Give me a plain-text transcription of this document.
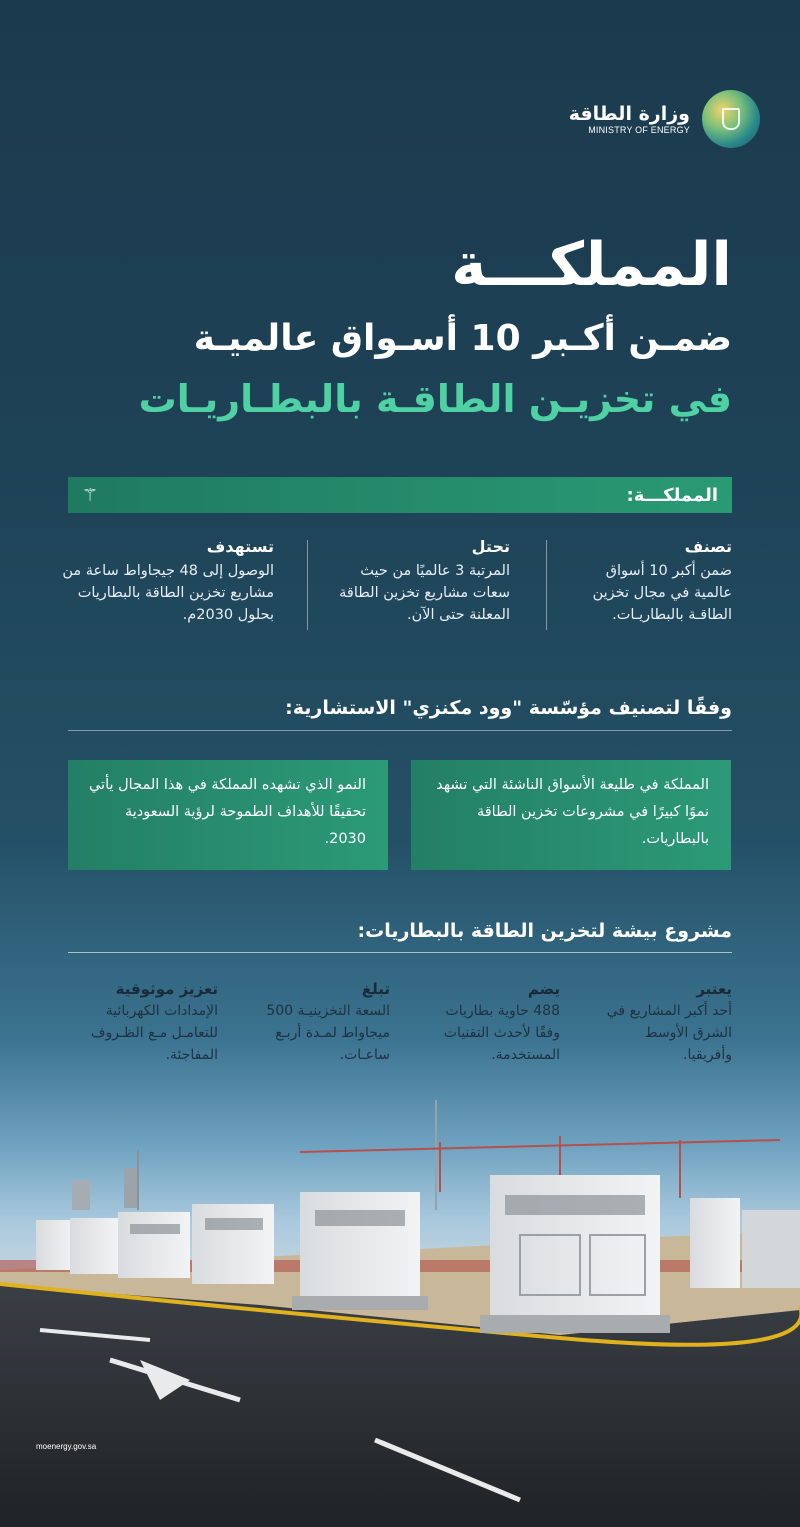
وزارة الطاقة
MINISTRY OF ENERGY
المملكـــة
ضمـن أكـبر 10 أسـواق عالميـة
في تخزيـن الطاقـة بالبطـاريـات
المملكـــة:
⚚
تصنف

ضمن أكبر 10 أسواق عالمية في مجال تخزين الطاقـة بالبطاريـات.

تحتل

المرتبة 3 عالميًا من حيث سعات مشاريع تخزين الطاقة المعلنة حتى الآن.

تستهدف

الوصول إلى 48 جيجاواط ساعة من مشاريع تخزين الطاقة بالبطاريات بحلول 2030م.

وفقًا لتصنيف مؤسّسة "وود مكنزي" الاستشارية:
المملكة في طليعة الأسواق الناشئة التي تشهد نموًا كبيرًا في مشروعات تخزين الطاقة بالبطاريات.
النمو الذي تشهده المملكة في هذا المجال يأتي تحقيقًا للأهداف الطموحة لرؤية السعودية 2030.
مشروع بيشة لتخزين الطاقة بالبطاريات:
يعتبر

أحد أكبر المشاريع في الشرق الأوسط وأفريقيا.

يضم

488 حاوية بطاريات وفقًا لأحدث التقنيات المستخدمة.

تبلغ

السعة التخزينيـة 500 ميجاواط لمـدة أربـع ساعـات.

تعزيز موثوقية

الإمدادات الكهربائية للتعامـل مـع الظـروف المفاجئة.

moenergy.gov.sa
